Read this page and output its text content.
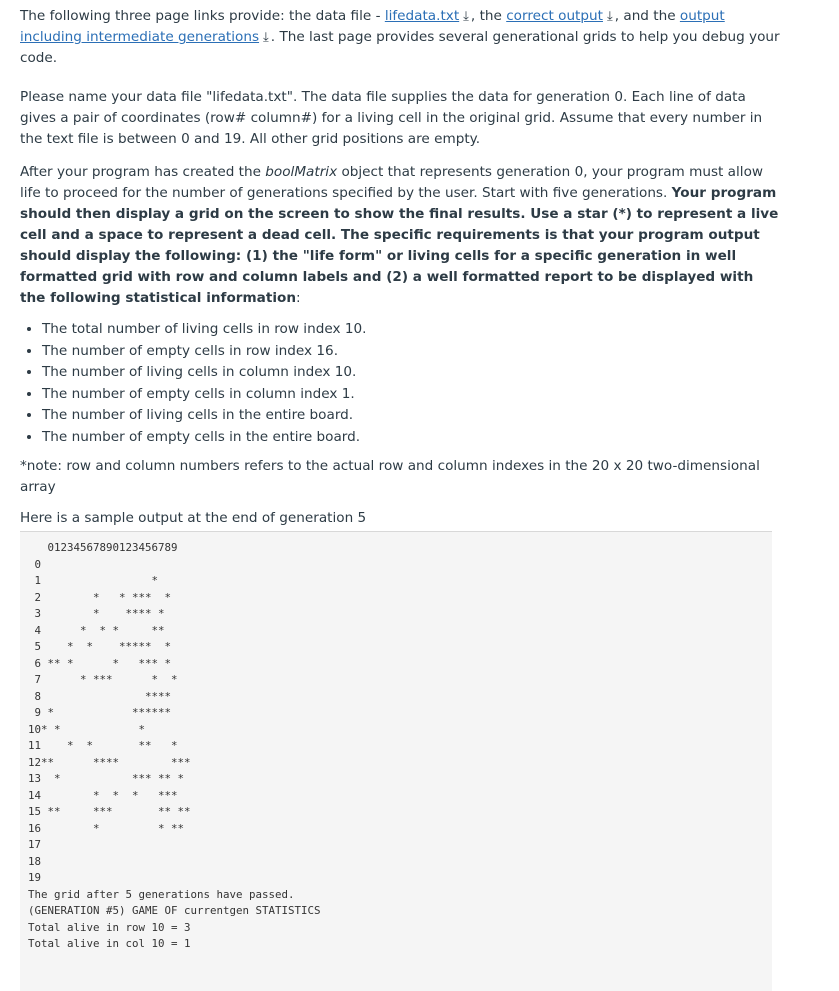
The following three page links provide: the data file - lifedata.txt ⤓ , the correct output ⤓ , and the output including intermediate generations ⤓ . The last page provides several generational grids to help you debug your code.

Please name your data file "lifedata.txt". The data file supplies the data for generation 0. Each line of data gives a pair of coordinates (row# column#) for a living cell in the original grid. Assume that every number in the text file is between 0 and 19. All other grid positions are empty.

After your program has created the boolMatrix object that represents generation 0, your program must allow life to proceed for the number of generations specified by the user. Start with five generations. Your program should then display a grid on the screen to show the final results. Use a star (*) to represent a live cell and a space to represent a dead cell. The specific requirements is that your program output should display the following: (1) the "life form" or living cells for a specific generation in well formatted grid with row and column labels and (2) a well formatted report to be displayed with the following statistical information:

• The total number of living cells in row index 10.
• The number of empty cells in row index 16.
• The number of living cells in column index 10.
• The number of empty cells in column index 1.
• The number of living cells in the entire board.
• The number of empty cells in the entire board.

*note: row and column numbers refers to the actual row and column indexes in the 20 x 20 two-dimensional array

Here is a sample output at the end of generation 5

01234567890123456789
0
1                 *
2        *   * ***  *
3        *    **** *
4      *  * *     **
5    *  *    *****  *
6 ** *      *   *** *
7      * ***      *  *
8                ****
9 *            ******
10* *            *
11    *  *       **   *
12**      ****        ***
13  *           *** ** *
14        *  *  *   ***
15 **     ***       ** **
16        *         * **
17
18
19
The grid after 5 generations have passed.
(GENERATION #5) GAME OF currentgen STATISTICS
Total alive in row 10 = 3
Total alive in col 10 = 1
